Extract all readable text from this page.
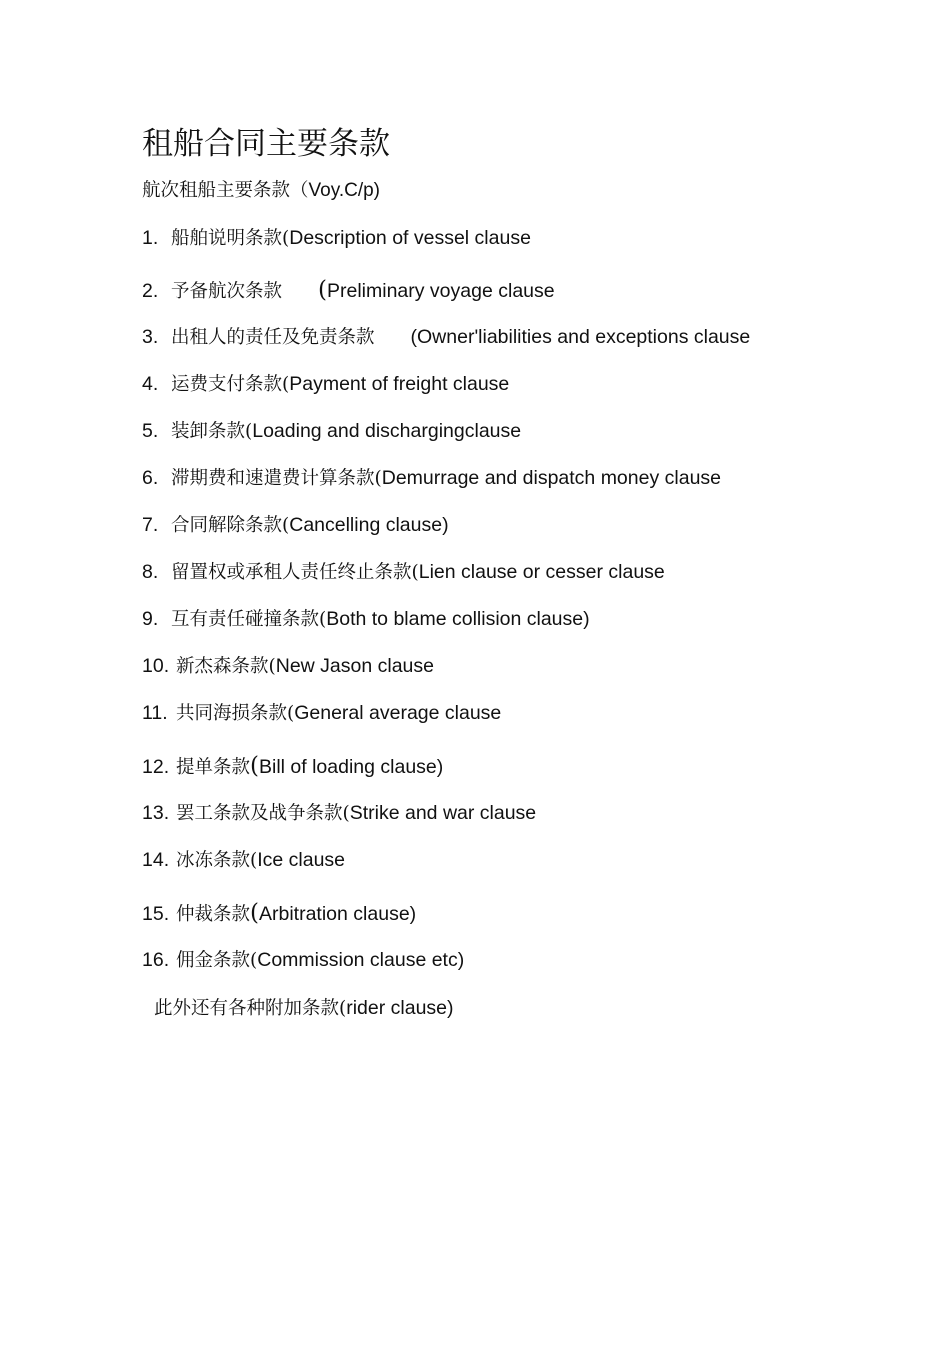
租船合同主要条款
航次租船主要条款（Voy.C/p)
1. 船舶说明条款(Description of vessel clause
2. 予备航次条款 (Preliminary voyage clause
3. 出租人的责任及免责条款 (Owner'liabilities and exceptions clause
4. 运费支付条款(Payment of freight clause
5. 装卸条款(Loading and dischargingclause
6. 滞期费和速遣费计算条款(Demurrage and dispatch money clause
7. 合同解除条款(Cancelling clause)
8. 留置权或承租人责任终止条款(Lien clause or cesser clause
9. 互有责任碰撞条款(Both to blame collision clause)
10. 新杰森条款(New Jason clause
11. 共同海损条款(General average clause
12. 提单条款(Bill of loading clause)
13. 罢工条款及战争条款(Strike and war clause
14. 冰冻条款(Ice clause
15. 仲裁条款(Arbitration clause)
16. 佣金条款(Commission clause etc)
此外还有各种附加条款(rider clause)
